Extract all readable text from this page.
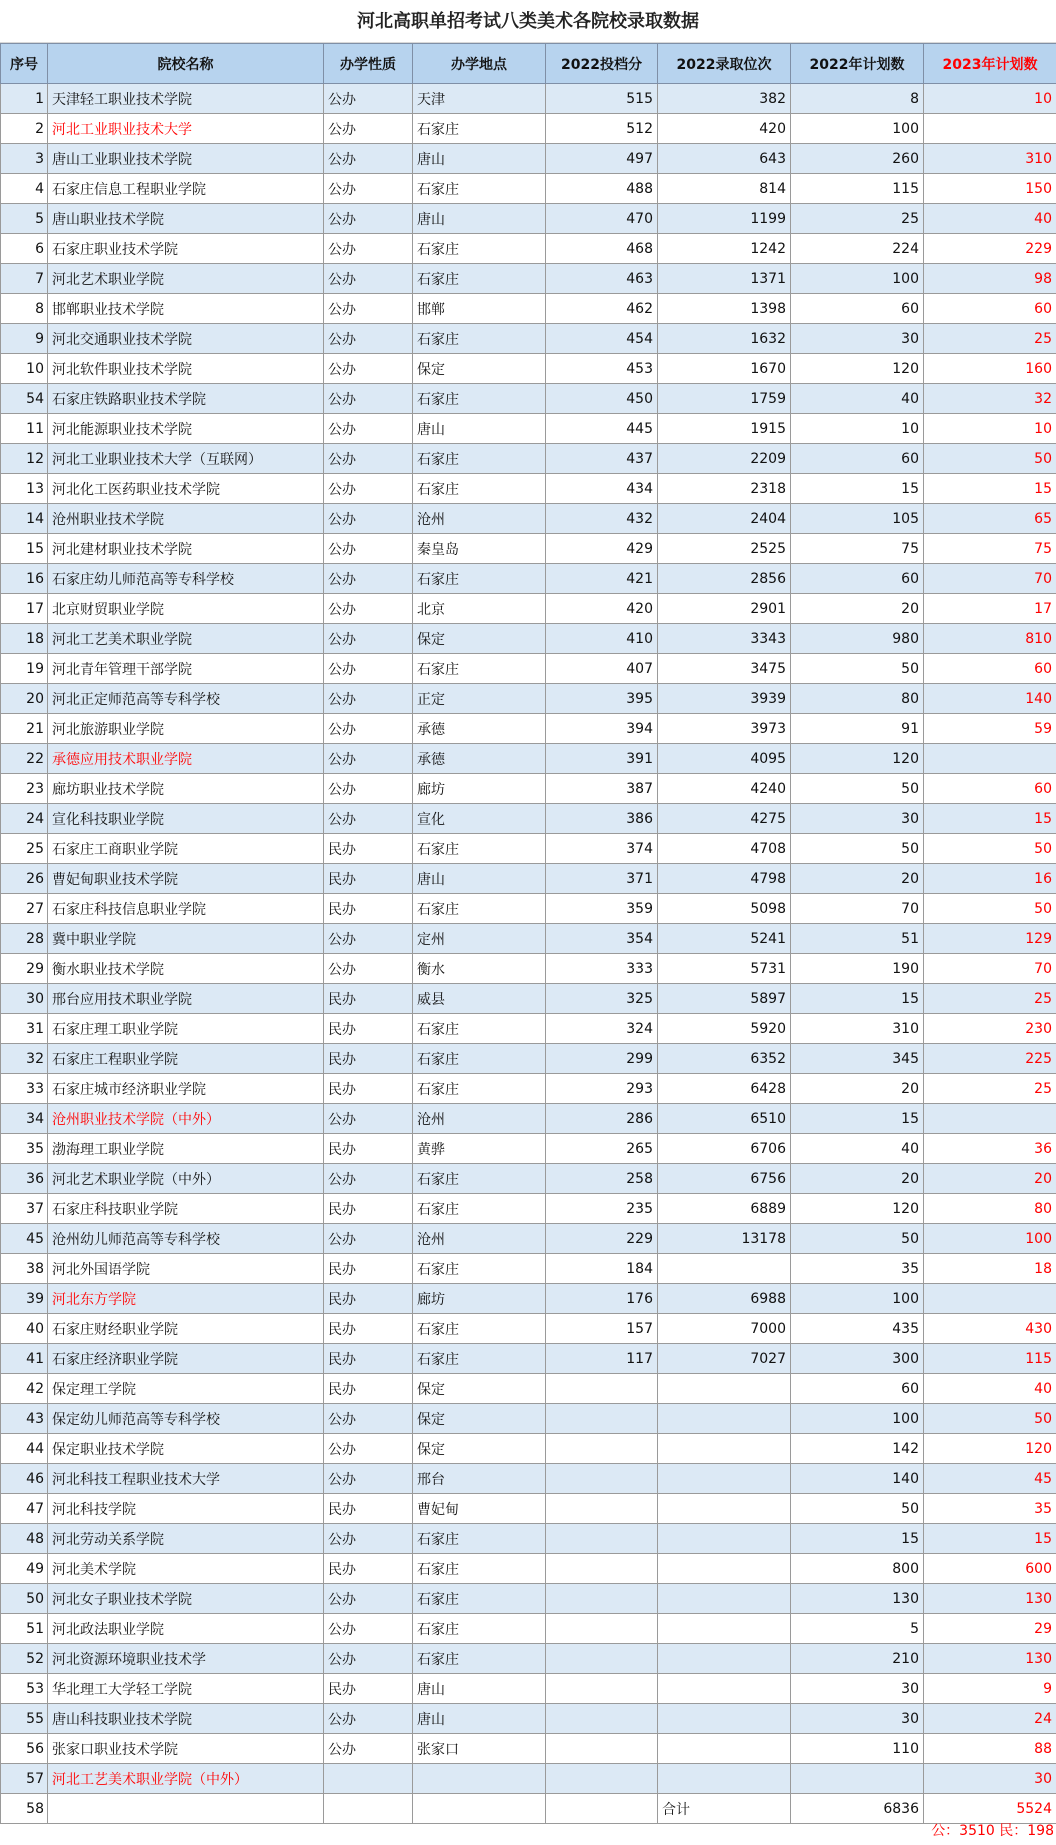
河北高职单招考试八类美术各院校录取数据
序号	院校名称	办学性质	办学地点	2022投档分	2022录取位次	2022年计划数	2023年计划数
1	天津轻工职业技术学院	公办	天津	515	382	8	10
2	河北工业职业技术大学	公办	石家庄	512	420	100	
3	唐山工业职业技术学院	公办	唐山	497	643	260	310
4	石家庄信息工程职业学院	公办	石家庄	488	814	115	150
5	唐山职业技术学院	公办	唐山	470	1199	25	40
6	石家庄职业技术学院	公办	石家庄	468	1242	224	229
7	河北艺术职业学院	公办	石家庄	463	1371	100	98
8	邯郸职业技术学院	公办	邯郸	462	1398	60	60
9	河北交通职业技术学院	公办	石家庄	454	1632	30	25
10	河北软件职业技术学院	公办	保定	453	1670	120	160
54	石家庄铁路职业技术学院	公办	石家庄	450	1759	40	32
11	河北能源职业技术学院	公办	唐山	445	1915	10	10
12	河北工业职业技术大学（互联网）	公办	石家庄	437	2209	60	50
13	河北化工医药职业技术学院	公办	石家庄	434	2318	15	15
14	沧州职业技术学院	公办	沧州	432	2404	105	65
15	河北建材职业技术学院	公办	秦皇岛	429	2525	75	75
16	石家庄幼儿师范高等专科学校	公办	石家庄	421	2856	60	70
17	北京财贸职业学院	公办	北京	420	2901	20	17
18	河北工艺美术职业学院	公办	保定	410	3343	980	810
19	河北青年管理干部学院	公办	石家庄	407	3475	50	60
20	河北正定师范高等专科学校	公办	正定	395	3939	80	140
21	河北旅游职业学院	公办	承德	394	3973	91	59
22	承德应用技术职业学院	公办	承德	391	4095	120	
23	廊坊职业技术学院	公办	廊坊	387	4240	50	60
24	宣化科技职业学院	公办	宣化	386	4275	30	15
25	石家庄工商职业学院	民办	石家庄	374	4708	50	50
26	曹妃甸职业技术学院	民办	唐山	371	4798	20	16
27	石家庄科技信息职业学院	民办	石家庄	359	5098	70	50
28	冀中职业学院	公办	定州	354	5241	51	129
29	衡水职业技术学院	公办	衡水	333	5731	190	70
30	邢台应用技术职业学院	民办	威县	325	5897	15	25
31	石家庄理工职业学院	民办	石家庄	324	5920	310	230
32	石家庄工程职业学院	民办	石家庄	299	6352	345	225
33	石家庄城市经济职业学院	民办	石家庄	293	6428	20	25
34	沧州职业技术学院（中外）	公办	沧州	286	6510	15	
35	渤海理工职业学院	民办	黄骅	265	6706	40	36
36	河北艺术职业学院（中外）	公办	石家庄	258	6756	20	20
37	石家庄科技职业学院	民办	石家庄	235	6889	120	80
45	沧州幼儿师范高等专科学校	公办	沧州	229	13178	50	100
38	河北外国语学院	民办	石家庄	184		35	18
39	河北东方学院	民办	廊坊	176	6988	100	
40	石家庄财经职业学院	民办	石家庄	157	7000	435	430
41	石家庄经济职业学院	民办	石家庄	117	7027	300	115
42	保定理工学院	民办	保定			60	40
43	保定幼儿师范高等专科学校	公办	保定			100	50
44	保定职业技术学院	公办	保定			142	120
46	河北科技工程职业技术大学	公办	邢台			140	45
47	河北科技学院	民办	曹妃甸			50	35
48	河北劳动关系学院	公办	石家庄			15	15
49	河北美术学院	民办	石家庄			800	600
50	河北女子职业技术学院	公办	石家庄			130	130
51	河北政法职业学院	公办	石家庄			5	29
52	河北资源环境职业技术学	公办	石家庄			210	130
53	华北理工大学轻工学院	民办	唐山			30	9
55	唐山科技职业技术学院	公办	唐山			30	24
56	张家口职业技术学院	公办	张家口			110	88
57	河北工艺美术职业学院（中外）						30
58					合计	6836	5524
公：3510 民：198
